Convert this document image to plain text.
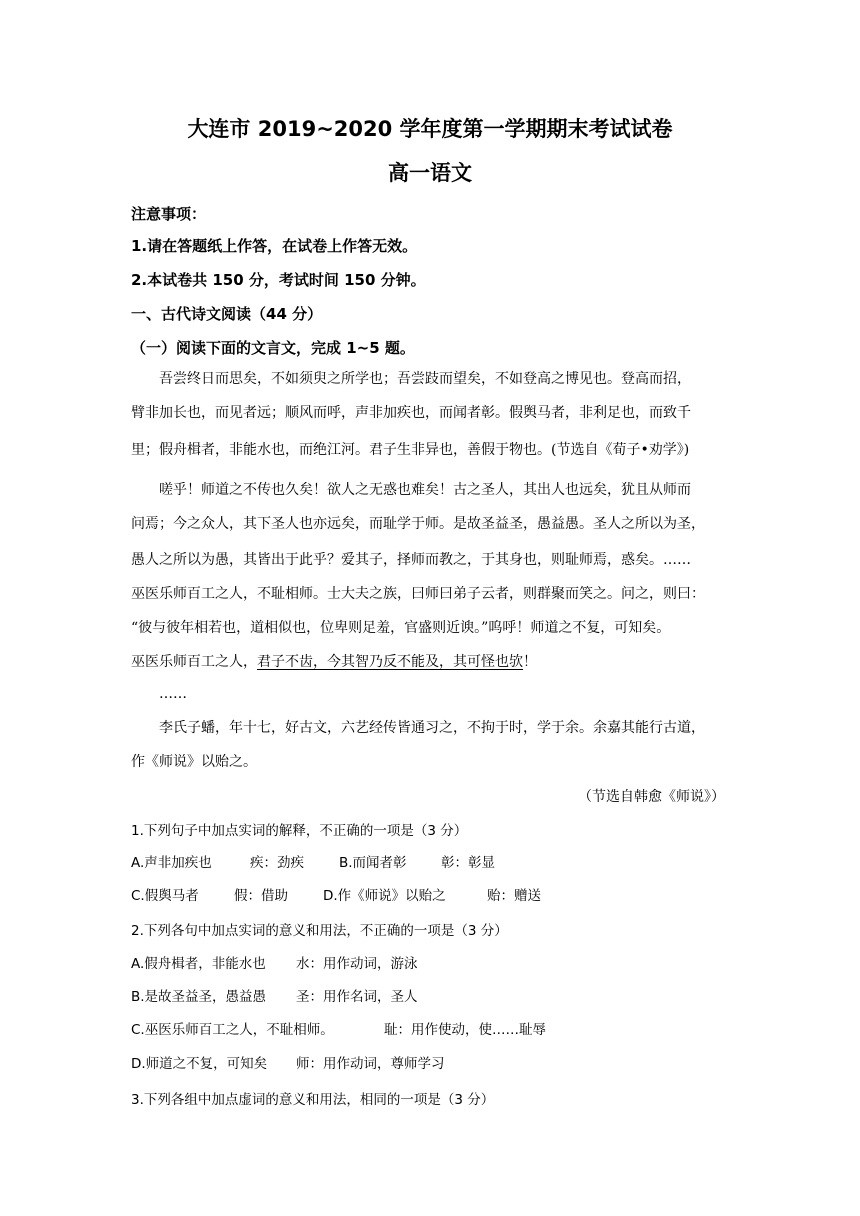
大连市 2019~2020 学年度第一学期期末考试试卷
高一语文
注意事项：
1.请在答题纸上作答，在试卷上作答无效。
2.本试卷共 150 分，考试时间 150 分钟。
一、古代诗文阅读（44 分）
（一）阅读下面的文言文，完成 1~5 题。
吾尝终日而思矣，不如须臾之所学也；吾尝跂而望矣，不如登高之博见也。登高而招，
臂非加长也，而见者远；顺风而呼，声非加疾也，而闻者彰。假舆马者，非利足也，而致千
里；假舟楫者，非能水也，而绝江河。君子生非异也，善假于物也。(节选自《荀子•劝学》)
嗟乎！师道之不传也久矣！欲人之无惑也难矣！古之圣人，其出人也远矣，犹且从师而
问焉；今之众人，其下圣人也亦远矣，而耻学于师。是故圣益圣，愚益愚。圣人之所以为圣，
愚人之所以为愚，其皆出于此乎？爱其子，择师而教之，于其身也，则耻师焉，惑矣。……
巫医乐师百工之人，不耻相师。士大夫之族，曰师曰弟子云者，则群聚而笑之。问之，则曰：
“彼与彼年相若也，道相似也，位卑则足羞，官盛则近谀。”呜呼！师道之不复，可知矣。
巫医乐师百工之人，君子不齿，今其智乃反不能及，其可怪也欤！
……
李氏子蟠，年十七，好古文，六艺经传皆通习之，不拘于时，学于余。余嘉其能行古道，
作《师说》以贻之。
（节选自韩愈《师说》）
1.下列句子中加点实词的解释，不正确的一项是（3 分）
A.声非加疾也	疾：劲疾	B.而闻者彰	彰：彰显
C.假舆马者	假：借助	D.作《师说》以贻之	贻：赠送
2.下列各句中加点实词的意义和用法，不正确的一项是（3 分）
A.假舟楫者，非能水也 水：用作动词，游泳
B.是故圣益圣，愚益愚 圣：用作名词，圣人
C.巫医乐师百工之人，不耻相师。	耻：用作使动，使……耻辱
D.师道之不复，可知矣 师：用作动词，尊师学习
3.下列各组中加点虚词的意义和用法，相同的一项是（3 分）
